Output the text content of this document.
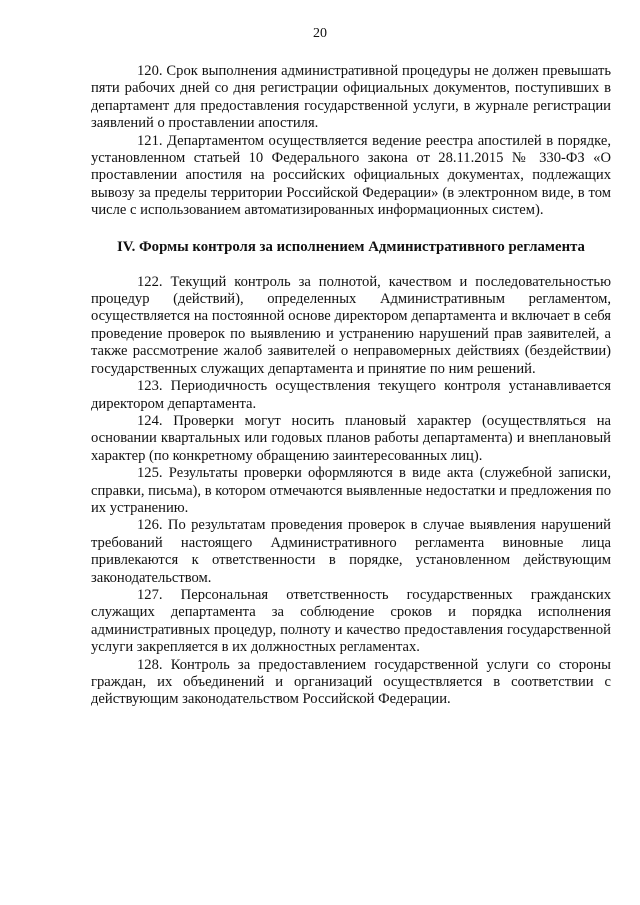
20

120. Срок выполнения административной процедуры не должен превышать пяти рабочих дней со дня регистрации официальных документов, поступивших в департамент для предоставления государственной услуги, в журнале регистрации заявлений о проставлении апостиля.

121. Департаментом осуществляется ведение реестра апостилей в порядке, установленном статьей 10 Федерального закона от 28.11.2015 № 330-ФЗ «О проставлении апостиля на российских официальных документах, подлежащих вывозу за пределы территории Российской Федерации» (в электронном виде, в том числе с использованием автоматизированных информационных систем).

IV. Формы контроля за исполнением Административного регламента

122. Текущий контроль за полнотой, качеством и последовательностью процедур (действий), определенных Административным регламентом, осуществляется на постоянной основе директором департамента и включает в себя проведение проверок по выявлению и устранению нарушений прав заявителей, а также рассмотрение жалоб заявителей о неправомерных действиях (бездействии) государственных служащих департамента и принятие по ним решений.

123. Периодичность осуществления текущего контроля устанавливается директором департамента.

124. Проверки могут носить плановый характер (осуществляться на основании квартальных или годовых планов работы департамента) и внеплановый характер (по конкретному обращению заинтересованных лиц).

125. Результаты проверки оформляются в виде акта (служебной записки, справки, письма), в котором отмечаются выявленные недостатки и предложения по их устранению.

126. По результатам проведения проверок в случае выявления нарушений требований настоящего Административного регламента виновные лица привлекаются к ответственности в порядке, установленном действующим законодательством.

127. Персональная ответственность государственных гражданских служащих департамента за соблюдение сроков и порядка исполнения административных процедур, полноту и качество предоставления государственной услуги закрепляется в их должностных регламентах.

128. Контроль за предоставлением государственной услуги со стороны граждан, их объединений и организаций осуществляется в соответствии с действующим законодательством Российской Федерации.
